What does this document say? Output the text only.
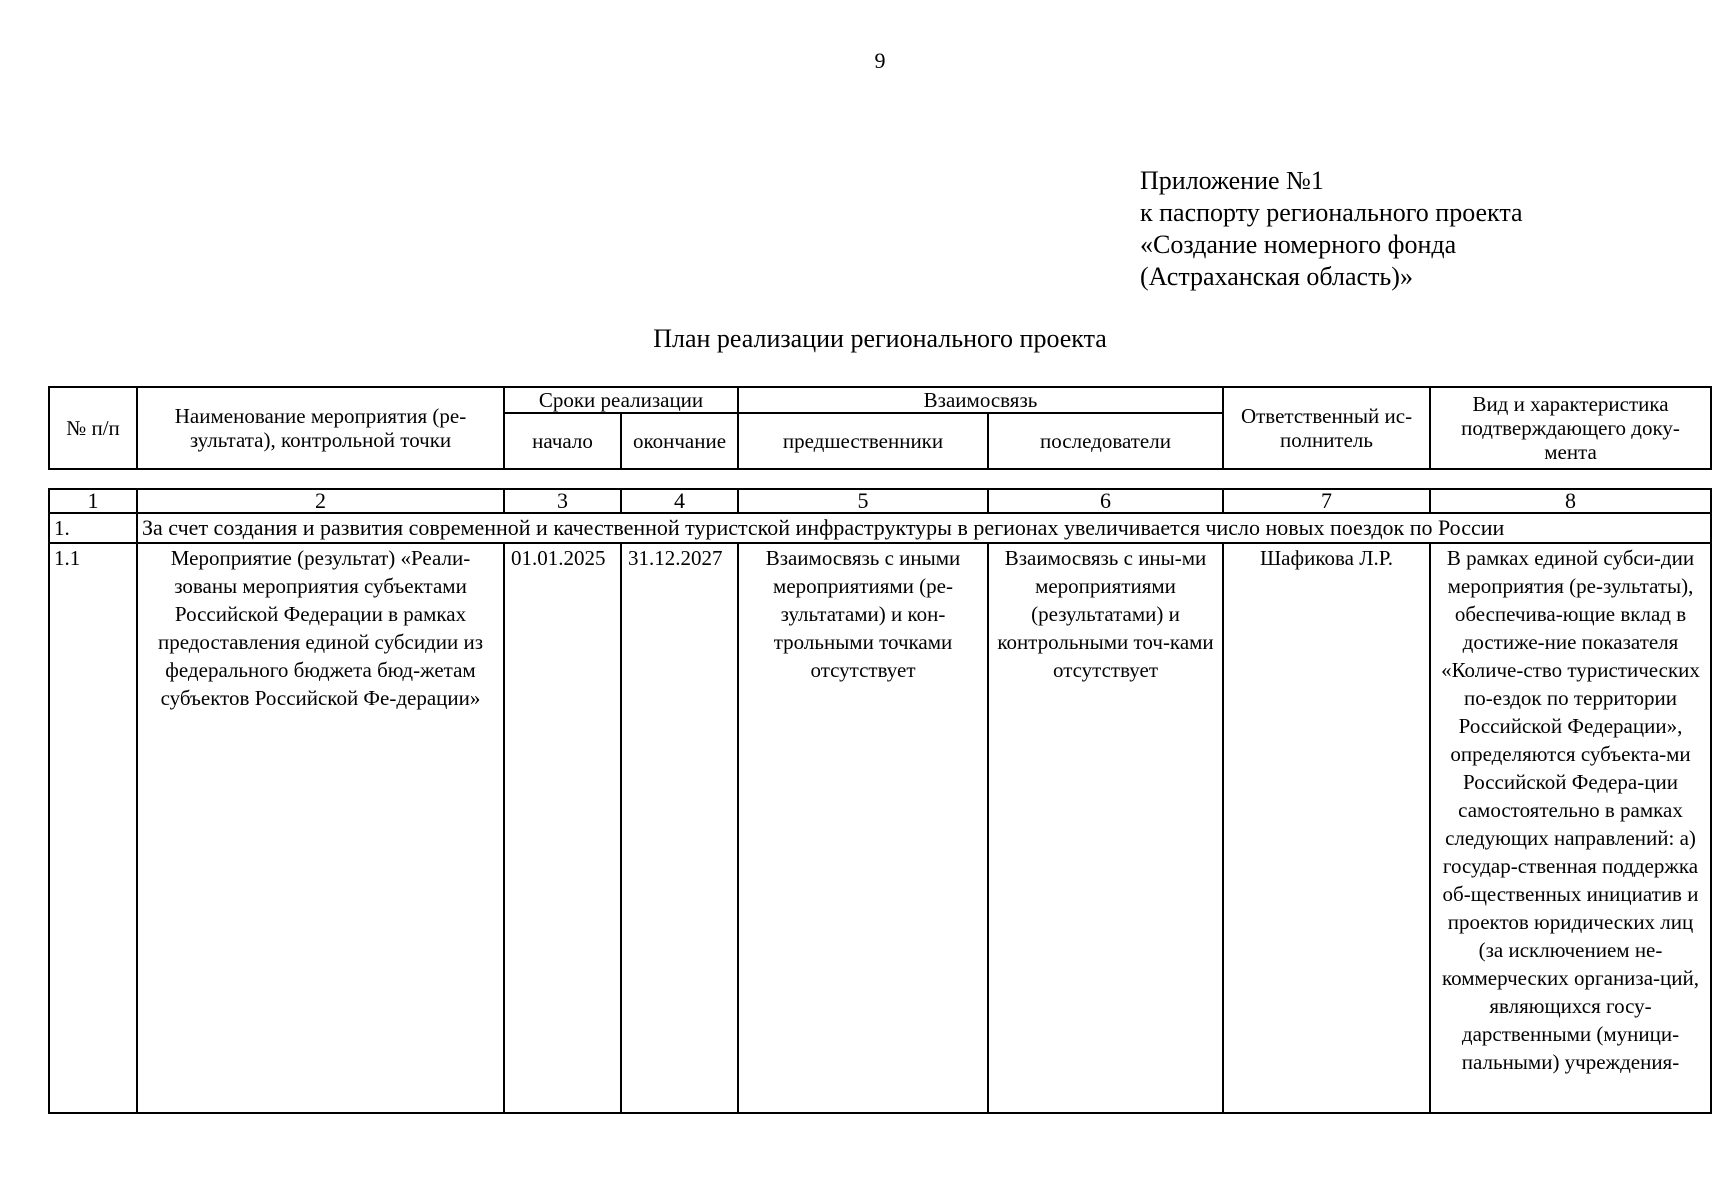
9
Приложение №1
к паспорту регионального проекта
«Создание номерного фонда
(Астраханская область)»
План реализации регионального проекта
№ п/п	Наименование мероприятия (ре-зультата), контрольной точки	Сроки реализации		Взаимосвязь		Ответственный ис-полнитель	Вид и характеристика подтверждающего доку-мента
		начало	окончание	предшественники	последователи		
1	2	3	4	5	6	7	8
1.	За счет создания и развития современной и качественной туристской инфраструктуры в регионах увеличивается число новых поездок по России						
1.1	Мероприятие (результат) «Реали-зованы мероприятия субъектами Российской Федерации в рамках предоставления единой субсидии из федерального бюджета бюд-жетам субъектов Российской Фе-дерации»	01.01.2025	31.12.2027	Взаимосвязь с иными мероприятиями (ре-зультатами) и кон-трольными точками отсутствует	Взаимосвязь с ины-ми мероприятиями (результатами) и контрольными точ-ками отсутствует	Шафикова Л.Р.	В рамках единой субси-дии мероприятия (ре-зультаты), обеспечива-ющие вклад в достиже-ние показателя «Количе-ство туристических по-ездок по территории Российской Федерации», определяются субъекта-ми Российской Федера-ции самостоятельно в рамках следующих направлений: а) государ-ственная поддержка об-щественных инициатив и проектов юридических лиц (за исключением не-коммерческих организа-ций, являющихся госу-дарственными (муници-пальными) учреждения-
